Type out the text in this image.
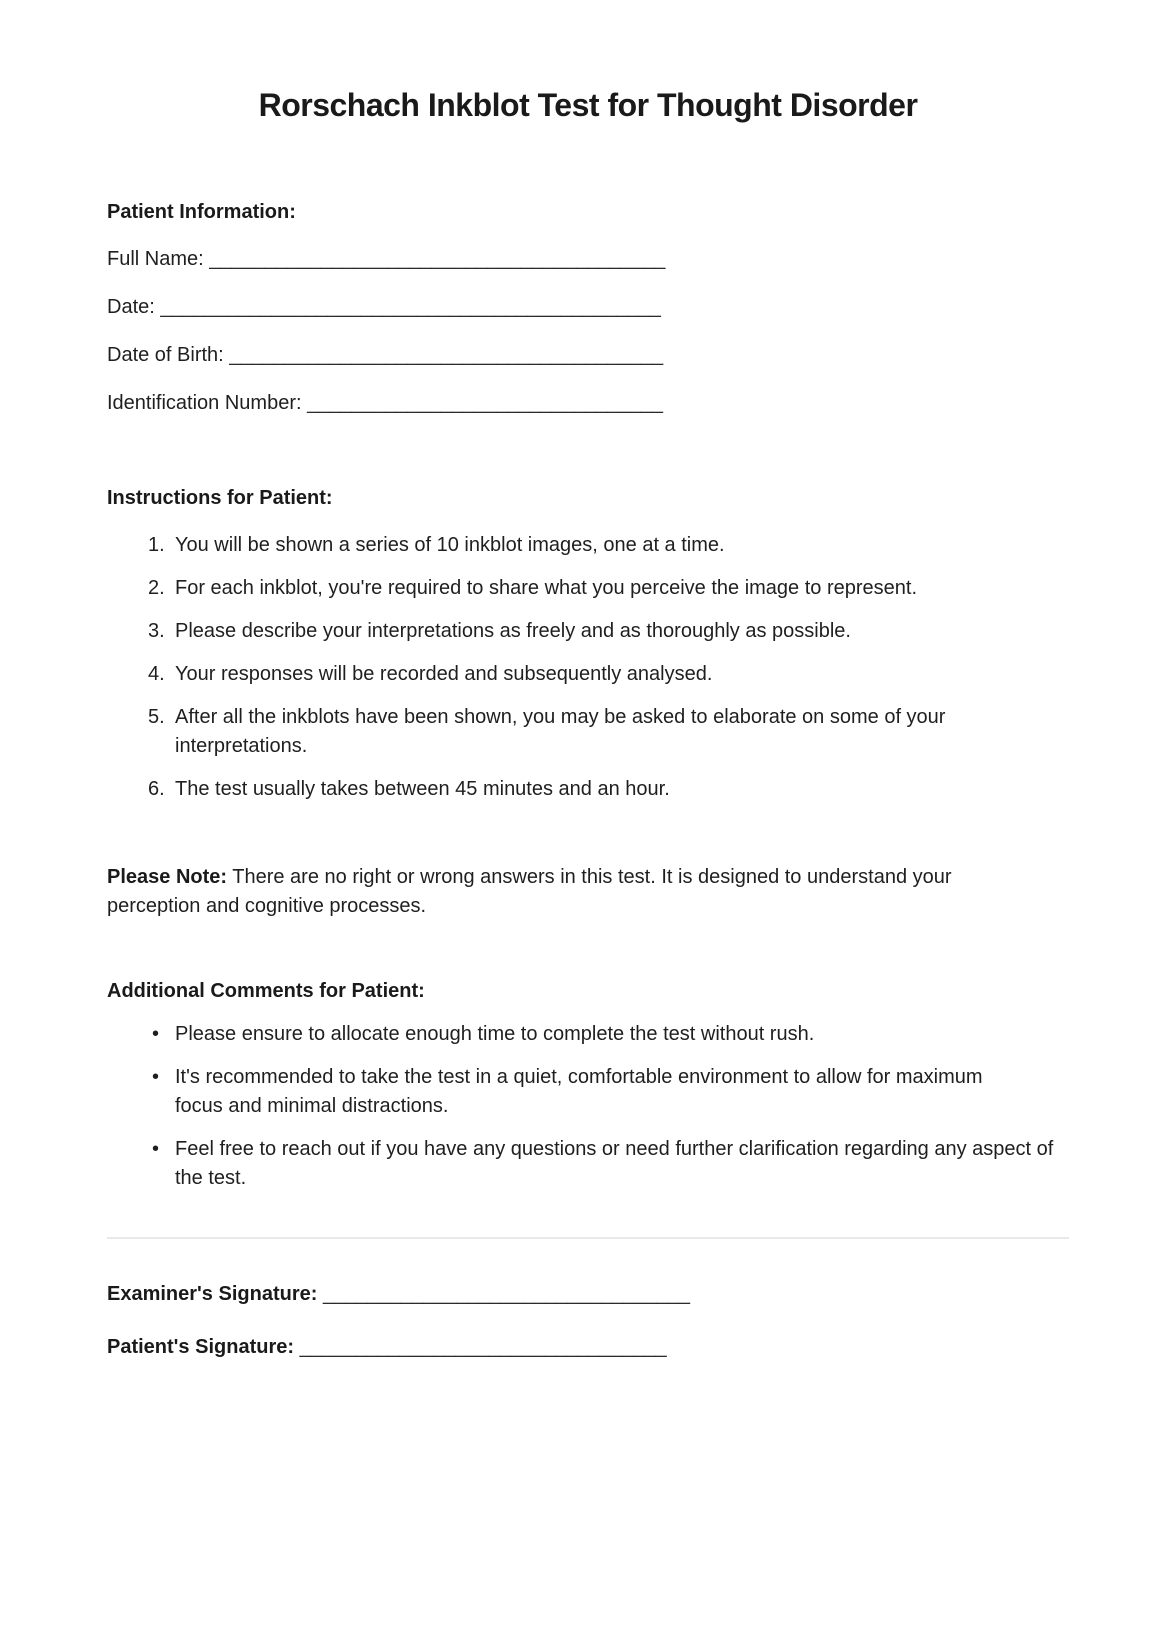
Rorschach Inkblot Test for Thought Disorder
Patient Information:
Full Name: _________________________________________
Date: _____________________________________________
Date of Birth: _______________________________________
Identification Number: ________________________________
Instructions for Patient:
1. You will be shown a series of 10 inkblot images, one at a time.
2. For each inkblot, you're required to share what you perceive the image to represent.
3. Please describe your interpretations as freely and as thoroughly as possible.
4. Your responses will be recorded and subsequently analysed.
5. After all the inkblots have been shown, you may be asked to elaborate on some of your interpretations.
6. The test usually takes between 45 minutes and an hour.

Please Note: There are no right or wrong answers in this test. It is designed to understand your perception and cognitive processes.

Additional Comments for Patient:
•
Please ensure to allocate enough time to complete the test without rush.
•
It's recommended to take the test in a quiet, comfortable environment to allow for maximum focus and minimal distractions.
•
Feel free to reach out if you have any questions or need further clarification regarding any aspect of the test.
Examiner's Signature: _________________________________
Patient's Signature: _________________________________
